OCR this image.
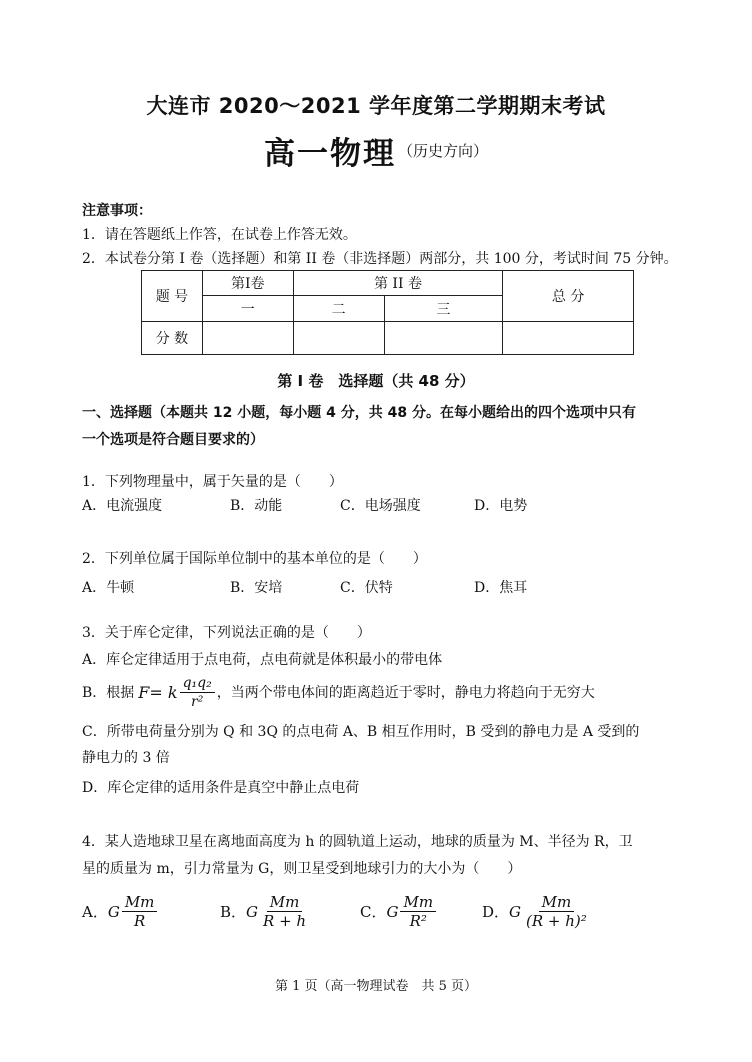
大连市 2020～2021 学年度第二学期期末考试
高一物理 （历史方向）
注意事项：
1．请在答题纸上作答，在试卷上作答无效。
2．本试卷分第 I 卷（选择题）和第 II 卷（非选择题）两部分，共 100 分，考试时间 75 分钟。
题 号	第Ⅰ卷	第 II 卷		总 分
	一	二	三	
分 数				
第 I 卷　选择题（共 48 分）
一、选择题（本题共 12 小题，每小题 4 分，共 48 分。在每小题给出的四个选项中只有
一个选项是符合题目要求的）
1．下列物理量中，属于矢量的是（　　）
A．电流强度	B．动能	C．电场强度	D．电势
2．下列单位属于国际单位制中的基本单位的是（　　）
A．牛顿	B．安培	C．伏特	D．焦耳
3．关于库仑定律，下列说法正确的是（　　）
A．库仑定律适用于点电荷，点电荷就是体积最小的带电体
B．根据 F = k $\frac{\text{q₁q₂}}{\text{r²}}$ ，当两个带电体间的距离趋近于零时，静电力将趋向于无穷大
C．所带电荷量分别为 Q 和 3Q 的点电荷 A、B 相互作用时，B 受到的静电力是 A 受到的
静电力的 3 倍
D．库仑定律的适用条件是真空中静止点电荷
4．某人造地球卫星在离地面高度为 h 的圆轨道上运动，地球的质量为 M、半径为 R，卫
星的质量为 m，引力常量为 G，则卫星受到地球引力的大小为（　　）
A． G $\frac{Mm}{R}$	B． G $\frac{Mm}{R + h}$	C． G $\frac{Mm}{\text{R²}}$	D． G $\frac{Mm}{\text{(R + h)²}}$
第 1 页（高一物理试卷　共 5 页）
